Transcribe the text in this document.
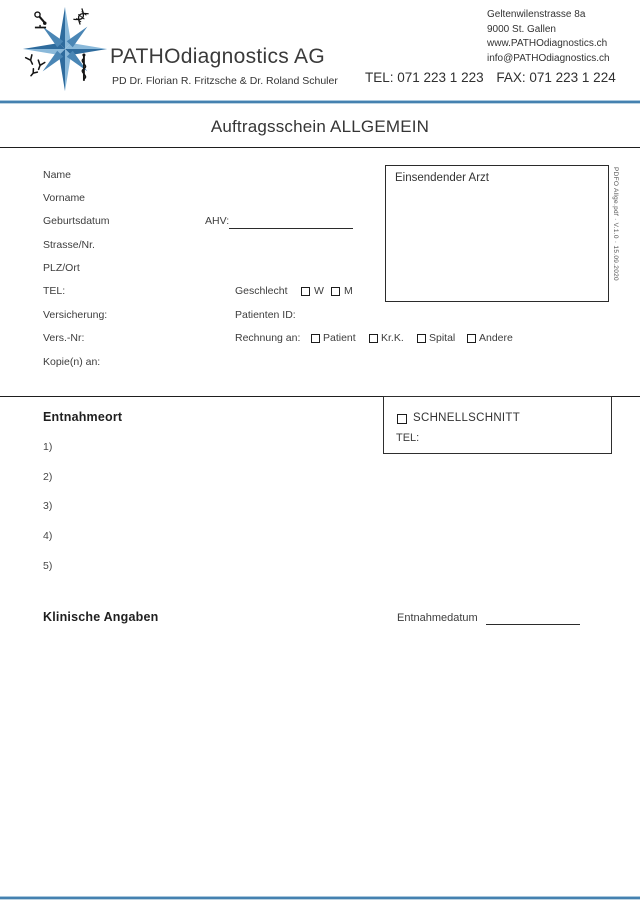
PATHOdiagnostics AG
PD Dr. Florian R. Fritzsche & Dr. Roland Schuler	TEL: 071 223 1 223 FAX: 071 223 1 224
Geltenwilenstrasse 8a
9000 St. Gallen
www.PATHOdiagnostics.ch
info@PATHOdiagnostics.ch
Auftragsschein ALLGEMEIN
Name
Vorname
Geburtsdatum	AHV:
Strasse/Nr.
PLZ/Ort
TEL:	Geschlecht	W M
Versicherung:	Patienten ID:
Vers.-Nr:	Rechnung an: Patient Kr.K. Spital Andere
Kopie(n) an:
Einsendender Arzt	PDFO Allge.pdf · V.1.0 · 15.09.2020
SCHNELLSCHNITT
TEL:
Entnahmeort
1)
2)
3)
4)
5)
Klinische Angaben	Entnahmedatum
